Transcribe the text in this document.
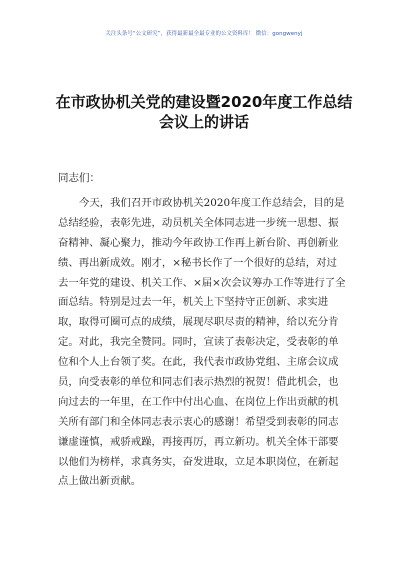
关注头条号“公文研究”，获得最新最全最专业的公文资料库！ 微信：gongwenyj
在市政协机关党的建设暨2020年度工作总结
会议上的讲话
同志们：
今天，我们召开市政协机关2020年度工作总结会，目的是
总结经验，表彰先进，动员机关全体同志进一步统一思想、振
奋精神、凝心聚力，推动今年政协工作再上新台阶、再创新业
绩、再出新成效。刚才，×秘书长作了一个很好的总结，对过
去一年党的建设、机关工作、×届×次会议筹办工作等进行了全
面总结。特别是过去一年，机关上下坚持守正创新、求实进
取，取得可圈可点的成绩，展现尽职尽责的精神，给以充分肯
定。对此，我完全赞同。同时，宣读了表彰决定，受表彰的单
位和个人上台领了奖。在此，我代表市政协党组、主席会议成
员，向受表彰的单位和同志们表示热烈的祝贺！借此机会，也
向过去的一年里，在工作中付出心血、在岗位上作出贡献的机
关所有部门和全体同志表示衷心的感谢！希望受到表彰的同志
谦虚谨慎，戒骄戒躁，再接再厉，再立新功。机关全体干部要
以他们为榜样，求真务实，奋发进取，立足本职岗位，在新起
点上做出新贡献。
